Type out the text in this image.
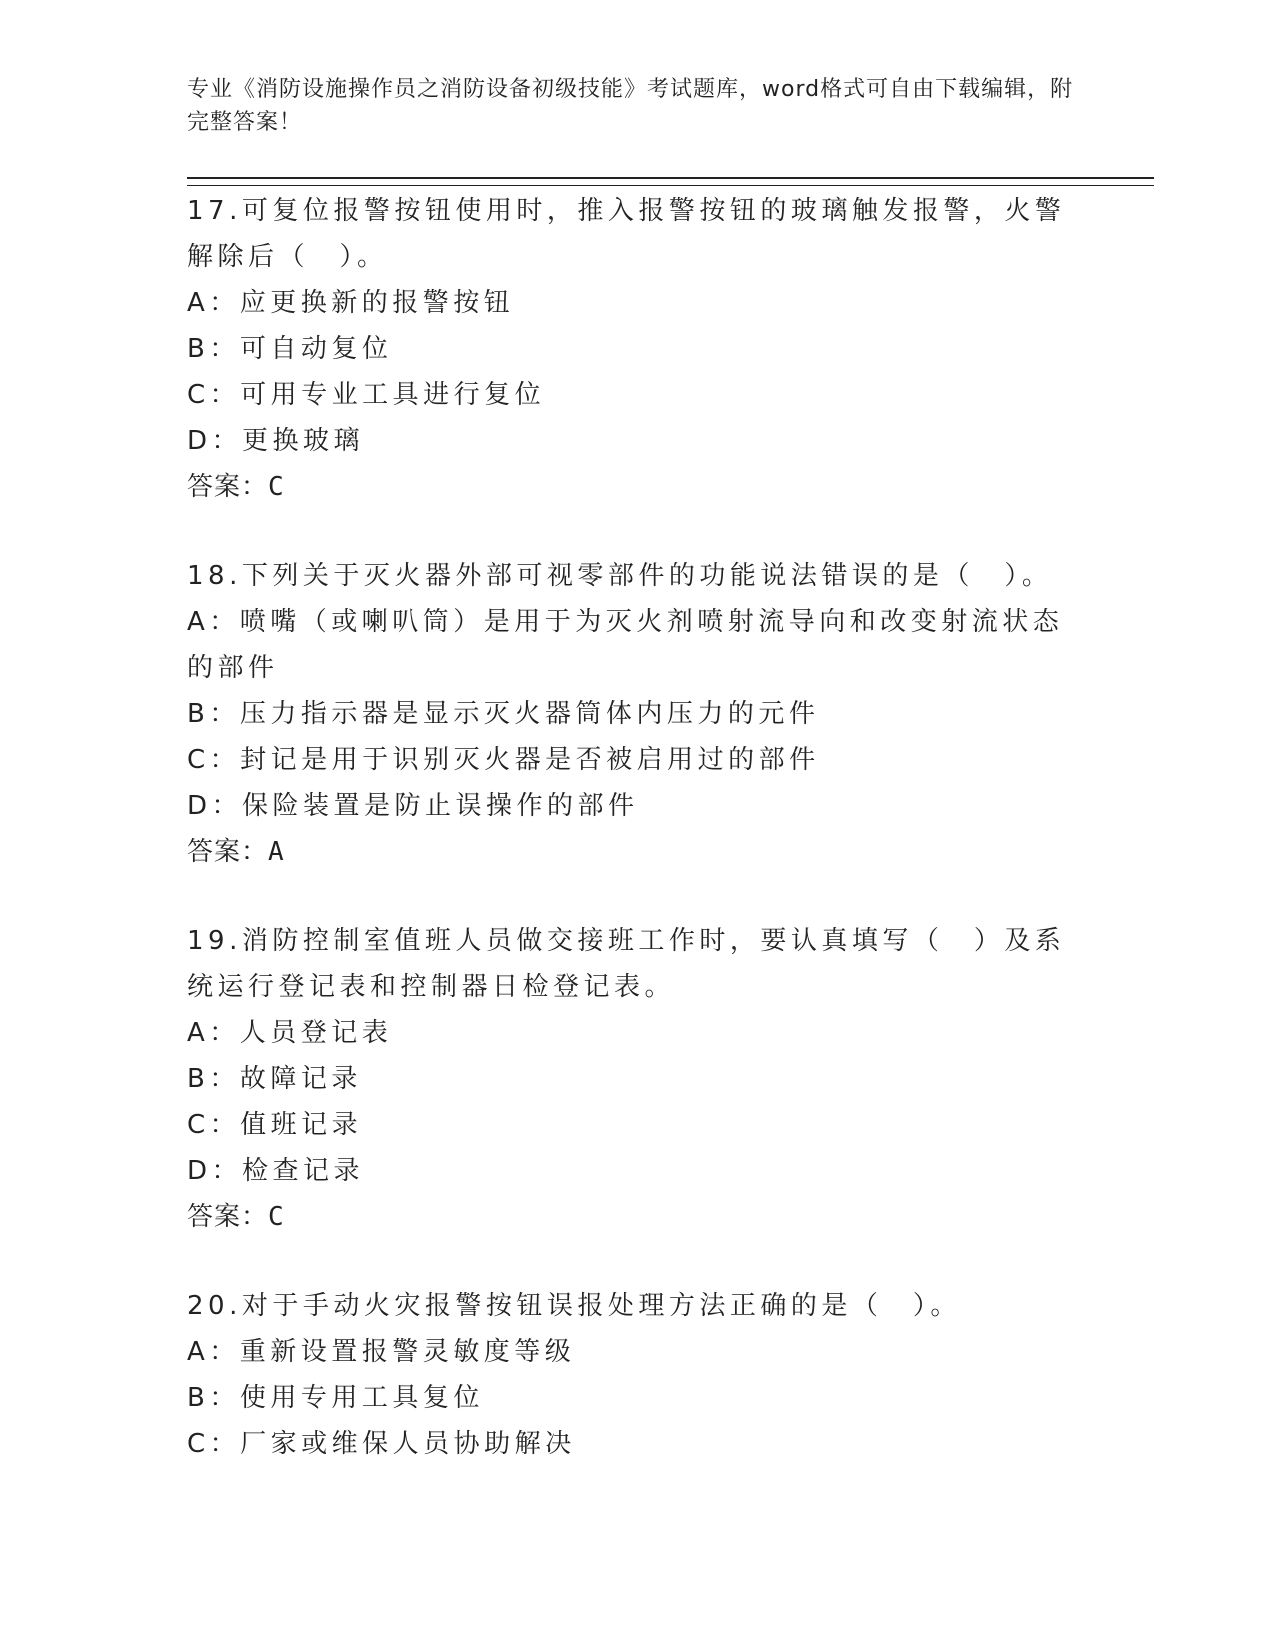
专业《消防设施操作员之消防设备初级技能》考试题库，word格式可自由下载编辑，附完整答案！

17.可复位报警按钮使用时，推入报警按钮的玻璃触发报警，火警解除后（　）。

A：应更换新的报警按钮

B：可自动复位

C：可用专业工具进行复位

D：更换玻璃

答案：C

18.下列关于灭火器外部可视零部件的功能说法错误的是（　）。

A：喷嘴（或喇叭筒）是用于为灭火剂喷射流导向和改变射流状态的部件

B：压力指示器是显示灭火器筒体内压力的元件

C：封记是用于识别灭火器是否被启用过的部件

D：保险装置是防止误操作的部件

答案：A

19.消防控制室值班人员做交接班工作时，要认真填写（　）及系统运行登记表和控制器日检登记表。

A：人员登记表

B：故障记录

C：值班记录

D：检查记录

答案：C

20.对于手动火灾报警按钮误报处理方法正确的是（　）。

A：重新设置报警灵敏度等级

B：使用专用工具复位

C：厂家或维保人员协助解决
